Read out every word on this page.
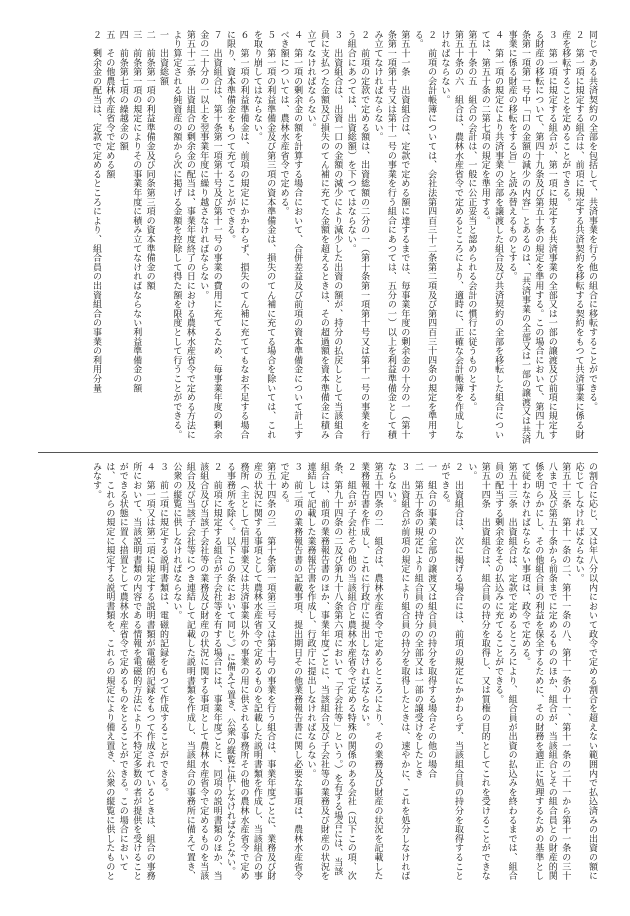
同じである共済契約の全部を包括して、共済事業を行う他の組合に移転することができる。
２　第一項に規定する組合は、前項に規定する共済契約を移転する契約をもつて共済事業に係る財産を移転することを定めることができる。
３　第一項に規定する組合が、第一項に規定する共済事業の全部又は一部の譲渡及び前項に規定する財産の移転について、第四十九条及び第五十条の規定を準用する。この場合において、第四十九条第一項第一号中「口の金額の減少の内容」とあるのは、「共済事業の全部又は一部の譲渡又は共済事業に係る財産の移転をする旨」と読み替えるものとする。
４　第一項の規定により共済事業の全部を譲渡した組合及び共済契約の全部を移転した組合については、第五十条の二第七項の規定を準用する。
第五十条の五　組合の会計は、一般に公正妥当と認められる会計の慣行に従うものとする。
第五十条の六　組合は、農林水産省令で定めるところにより、適時に、正確な会計帳簿を作成しなければならない。
２　前項の会計帳簿については、会社法第四百三十二条第二項及び第四百三十四条の規定を準用する。
第五十一条　出資組合は、定款で定める額に達するまでは、毎事業年度の剰余金の十分の一（第十条第一項第十号又は第十一号の事業を行う組合にあつては、五分の一）以上を利益準備金として積み立てなければならない。
２　前項の定款で定める額は、出資総額の二分の一（第十条第一項第十号又は第十一号の事業を行う組合にあつては、出資総額）を下つてはならない。
３　出資組合は、出資一口の金額の減少により減少した出資の額が、持分の払戻しとして当該組合員に支払つた金額及び損失のてん補に充てた金額を超えるときは、その超過額を資本準備金に積み立てなければならない。
４　第一項の剰余金の額を計算する場合において、合併差益及び前項の資本準備金について計上すべき額については、農林水産省令で定める。
５　第一項の利益準備金及び第三項の資本準備金は、損失のてん補に充てる場合を除いては、これを取り崩してはならない。
６　第一項の利益準備金は、前項の規定にかかわらず、損失のてん補に充ててもなお不足する場合に限り、資本準備金をもつて充てることができる。
７　出資組合は、第十条第一項第十号及び第十一号の事業の費用に充てるため、毎事業年度の剰余金の二十分の一以上を翌事業年度に繰り越さなければならない。
第五十二条　出資組合の剰余金の配当は、事業年度終了の日における農林水産省令で定める方法により算定される純資産の額から次に掲げる金額を控除して得た額を限度として行うことができる。
一　出資総額
二　前条第一項の利益準備金及び同条第三項の資本準備金の額
三　前条第一項の規定によりその事業年度に積み立てなければならない利益準備金の額
四　前条第七項の繰越金の額
五　その他農林水産省令で定める額
２　剰余金の配当は、定款で定めるところにより、組合員の出資組合の事業の利用分量
の割合に応じ、又は年八分以内において政令で定める割合を超えない範囲内で払込済みの出資の額に応じてしなければならない。
第五十三条　第十一条の二、第十一条の八、第十一条の十一、第十一条の二十一から第十一条の三十八まで及び第五十条から前条までに定めるもののほか、組合が、当該組合とその組合員との財産的関係を明らかにし、その他組合員の利益を保全するために、その財務を適正に処理するための基準として従わなければならない事項は、政令で定める。
第五十三条　出資組合は、定款で定めるところにより、組合員が出資の払込みを終わるまでは、組合員の配当する剰余金をその払込みに充てることができる。
第五十四条　出資組合は、組合員の持分を取得し、又は質権の目的としてこれを受けることができない。
２　出資組合は、次に掲げる場合には、前項の規定にかかわらず、当該組合員の持分を取得することができる。
一　組合の事業の全部の譲渡又は組合員の持分を取得する場合その他の場合
二　第五十条の規定により組合員の持分の全部又は一部の譲受けをしたとき
３　出資組合が前項の規定により組合員の持分を取得したときは、速やかに、これを処分しなければならない。
第五十四条の二　組合は、農林水産省令で定めるところにより、その業務及び財産の状況を記載した業務報告書を作成し、これに行政庁に提出しなければならない。
２　組合が子会社その他の当該組合と農林水産省令で定める特殊の関係のある会社（以下この項、次条、第九十四条の二及び第九十八条第六項において「子会社等」という。）を有する場合には、当該組合は、前項の業務報告書のほか、事業年度ごとに、当該組合及び子会社等の業務及び財産の状況を連結して記載した業務報告書を作成し、行政庁に提出しなければならない。
３　前二項の業務報告書の記載事項、提出期日その他業務報告書に関し必要な事項は、農林水産省令で定める。
第五十四条の三　第十条第一項第三号又は第十号の事業を行う組合は、事業年度ごとに、業務及び財産の状況に関する事項として農林水産省令で定めるものを記載した説明書類を作成し、当該組合の事務所（主として信用事業又は共済事業以外の事業の用に供される事務所その他の農林水産省令で定める事務所を除く。以下この条において同じ。）に備えて置き、公衆の縦覧に供しなければならない。
２　前項に規定する組合が子会社等を有する場合には、事業年度ごとに、同項の説明書類のほか、当該組合及び当該子会社等の業務及び財産の状況に関する事項として農林水産省令で定めるものを当該組合及び当該子会社等につき連結して記載した説明書類を作成し、当該組合の事務所に備えて置き、公衆の縦覧に供しなければならない。
３　前二項に規定する説明書類は、電磁的記録をもつて作成することができる。
４　第一項又は第二項に規定する説明書類が電磁的記録をもつて作成されているときは、組合の事務所において、当該説明書類の内容である情報を電磁的方法により不特定多数の者が提供を受けることができる状態に置く措置として農林水産省令で定めるものをとることができる。この場合においては、これらの規定に規定する説明書類を、これらの規定により備え置き、公衆の縦覧に供したものとみなす。
